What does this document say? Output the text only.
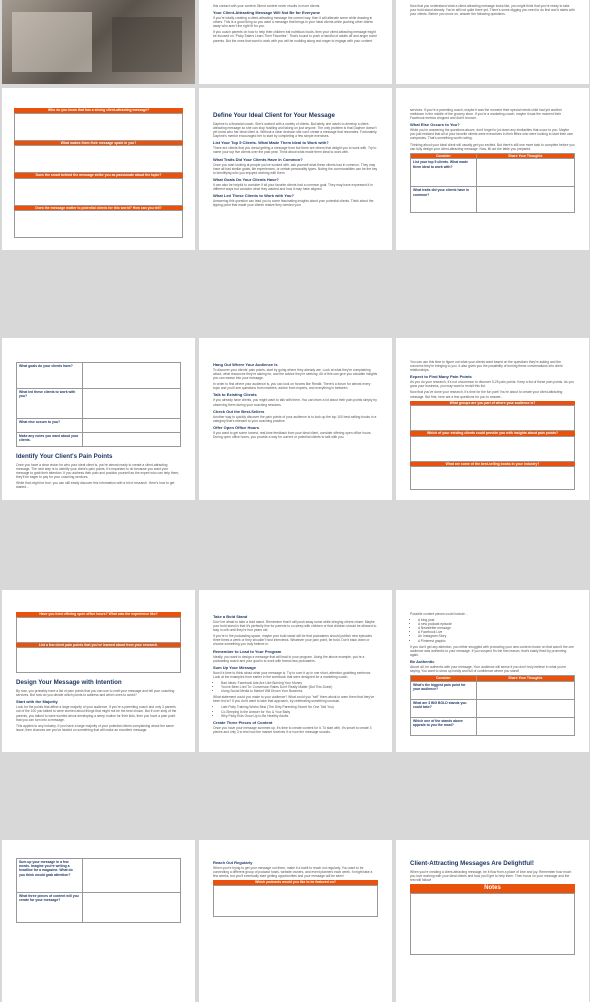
this contact with your content. Blend context never results in more clients.

Your Client-Attracting Message Will Not Be for Everyone

If you're totally creating a client-attracting message the correct way, then it will alienate some while drawing in others. This is a good thing so you want a message that brings in your ideal clients while pushing other clients away who aren't the right fit for you.

If you coach parents on how to help their children eat nutritious foods, then your client-attracting message might be focused on "Picky Eaters Learn Their Favorites". That's bound to push a handful of adults off and anger some parents. But the ones that want to work with you will be nodding along and eager to engage with your content.

Now that you understand what a client-attracting message looks like, you might think that you're ready to take your bold stand already. You're still not quite there yet. There's some digging you need to do first and it starts with your clients. Before you move on, answer the following questions.

Who do you know that has a strong client-attracting message?
What makes them their message spark in you?
Does the smart behind the message strike you as passionate about the topic?
Does the message matter to potential clients for this world? How can you tell?

Define Your Ideal Client for Your Message

Daphne is a financial coach. She's worked with a variety of clients. But lately, she wants to develop a client-attracting message so she can stop hustling and taking on just anyone. The only problem is that Daphne doesn't yet know who her ideal client is. Without a clear decision she can't create a message that resonates. Fortunately, Daphne's mentor encouraged her to start by completing a few simple exercises.

List Your Top 5 Clients. What Made Them Ideal to Work with?

There are clients that you dread getting a message from but there are others that delight you to work with. Try to name your top five clients over the past year. Think about what made them ideal to work with.

What Traits Did Your Clients Have in Common?

Once you start looking at people you've worked with, ask yourself what these clients had in common. They may have all had similar goals, life experiences, or certain personality types. Noting the commonalities can be the key to identifying who you enjoyed working with them.

What Goals Do Your Clients Have?

It can also be helpful to consider if all your favorite clients had a common goal. They may have expressed it in different ways but consider what they wanted and how it may have aligned.

What Led These Clients to Work with You?

Answering this question can lead you to some fascinating insights about your potential clients. Think about the tipping point that made your clients realize they needed your

services. If you're a parenting coach, maybe it was the moment their special needs child had yet another meltdown in the middle of the grocery store. If you're a marketing coach, maybe it was the moment their Facebook metrics dropped and didn't recover.

What Else Occurs to You?

While you're answering the questions above, don't forget to jot down any similarities that occur to you. Maybe you just realized that all of your favorite clients were executives in their fifties who were looking to start their own companies. That's something worth noting.

Thinking about your ideal client will usually get you excited. But there's still one more task to complete before you can fully design your client-attracting message. Now, fill out the table you prepared.

Consider	Share Your Thoughts
List your top 5 clients. What made them ideal to work with?	
What traits did your clients have in common?	
What goals do your clients have?	
What led these clients to work with you?	
What else occurs to you?	
Make any notes you want about your clients.	

Identify Your Client's Pain Points

Once you have a clear vision for who your ideal client is, you're almost ready to create a client-attracting message. The next step is to identify your client's pain points. It's important to do because you want your message to grab their attention. If you address their pain and position yourself as the expert who can help them, they'll be eager to pay for your coaching services.

While that might be true, you can still easily discover this information with a bit of research. Here's how to get started...

Hang Out Where Your Audience Is

To discover your clients' pain points, start by going where they already are. Look at what they're complaining about, what resources they're asking for, and the advice they're seeking. All of this can give you valuable insights you can weave into your message.

In order to find where your audience is, you can look on forums like Reddit. There's a forum for almost every topic and you'll see questions from newbies, advice from experts, and everything in between.

Talk to Existing Clients

If you already have clients, you might want to talk with them. You can learn a lot about their pain points simply by observing them during your coaching sessions.

Check Out the Best-Sellers

Another way to quickly discover the pain points of your audience is to look up the top 100 best-selling books in a category that's relevant to your coaching practice.

Offer Open Office Hours

If you want to get some honest, real-time feedback from your ideal client, consider offering open office hours. During open office hours, you provide a way for current or potential clients to talk with you.

You can use this time to figure out what your clients want based on the questions they're asking and the concerns they're bringing to you. It also gives you the possibility of turning these conversations into client relationships.

Expect to Find Many Pain Points

As you do your research, it's not uncommon to discover 5-25 pain points. Keep a list of these pain points. As you grow your business, you may want to revisit this list.

Now that you've done your research, it's time for the fun part! You're about to create your client-attracting message. But first, here are a few questions for you to answer...

What groups are you part of where your audience is?
Which of your existing clients could provide you with insights about pain points?
What are some of the best-selling books in your industry?
Have you tried offering open office hours? What was the experience like?
List a few client pain points that you've learned about from your research.

Design Your Message with Intention

By now, you probably have a list of pain points that you can use to craft your message and tell your coaching services. But how do you decide which points to address and which ones to avoid?

Start with the Majority

Look for the points that affect a large majority of your audience. If you're a parenting coach and only 3 parents out of the 100 you talked to were worried about things that might not be the best choice. But if over sixty of the parents, you talked to were worried about developing a sleep routine for their kids, then you have a pain point that you can turn into a message.

This applies to any industry. If you have a large majority of your potential clients complaining about the same issue, then chances are you've landed on something that will make an excellent message.

Take a Bold Stand

Don't be afraid to take a bold stand. Remember that it will push away some while bringing others closer. Maybe your bold stand is that it's perfectly fine for parents to co-sleep with children or that children should be allowed to stay in crib until they're four years old.

If you're in the podcasting space, maybe your bold stand will be that podcasters should publish new episodes three times a week or they shouldn't host interviews. Whatever your pain point, be bold. Don't back down or choose something you truly believe in.

Remember to Lead to Your Program

Ideally, you want to design a message that will lead to your program. Using the above example, you're a podcasting coach and your goal is to work with brand-new podcasters.

Sum Up Your Message

Now it's time to think about what your message is. Try to sum it up in one short, attention-grabbing sentence. Look at the examples from earlier in the workbook that were designed for a marketing coach.

• Bad Ideas: Facebook Ads Are Like Burning Your Money
• You've Been Lied To: Conversion Rates Don't Really Matter (But This Does!)
• Using Social Media to Market Will Drown Your Business

What statement could you make to your audience? What could you "sell" them about to warn them that they've been led to? If you don't want to take that approach, try celebrating something unusual.

• Late Potty Training Works Best (The Dirty Parenting Secret No One Told You)
• Co-Sleeping Is the Answer for You & Your Baby
• Why Picky Kids Grow Up to Be Healthy Adults

Create Three Pieces of Content

Once you have your message summed up, it's time to create content for it. To start with, it's smart to create 3 pieces and only 3 to test how the market receives it or how the message sounds.

Possible content pieces could include...

• A blog post
• A new podcast episode
• A Newsletter message
• A Facebook Live
• An Instagram Story
• A Pinterest graphic

If you don't get any attention, you either struggled with promoting your new content choice on that wasn't the one audience was authentic to your message. If you suspect it's the first reason, that's easily fixed by promoting again.

Be Authentic

Above all, be authentic with your message. Your audience will sense if you don't truly believe in what you're saying. You want to show up boldly and full of confidence where you stand!

Consider	Share Your Thoughts
What's the biggest pain point for your audience?	
What are 3 BIG BOLD stands you could take?	
Which one of the stands above appeals to you the most?	
Sum up your message in a few words. Imagine you're writing a headline for a magazine. What do you think would grab attention?	
What three pieces of content will you create for your message?	

Reach Out Regularly

When you're trying to get your message out there, make it a habit to reach out regularly. You want to be connecting a different group of podcast hosts, website owners, and event planners each week. It might take a few weeks, but you'll eventually start getting opportunities and your message will be seen!

Which podcasts would you like to be featured on?

Client-Attracting Messages Are Delightful!

When you're creating a client-attracting message, be it flow from a place of love and joy. Remember how much you love working with your ideal clients and how you'll get to help them. Then focus on your message and the rest will follow!

Notes
